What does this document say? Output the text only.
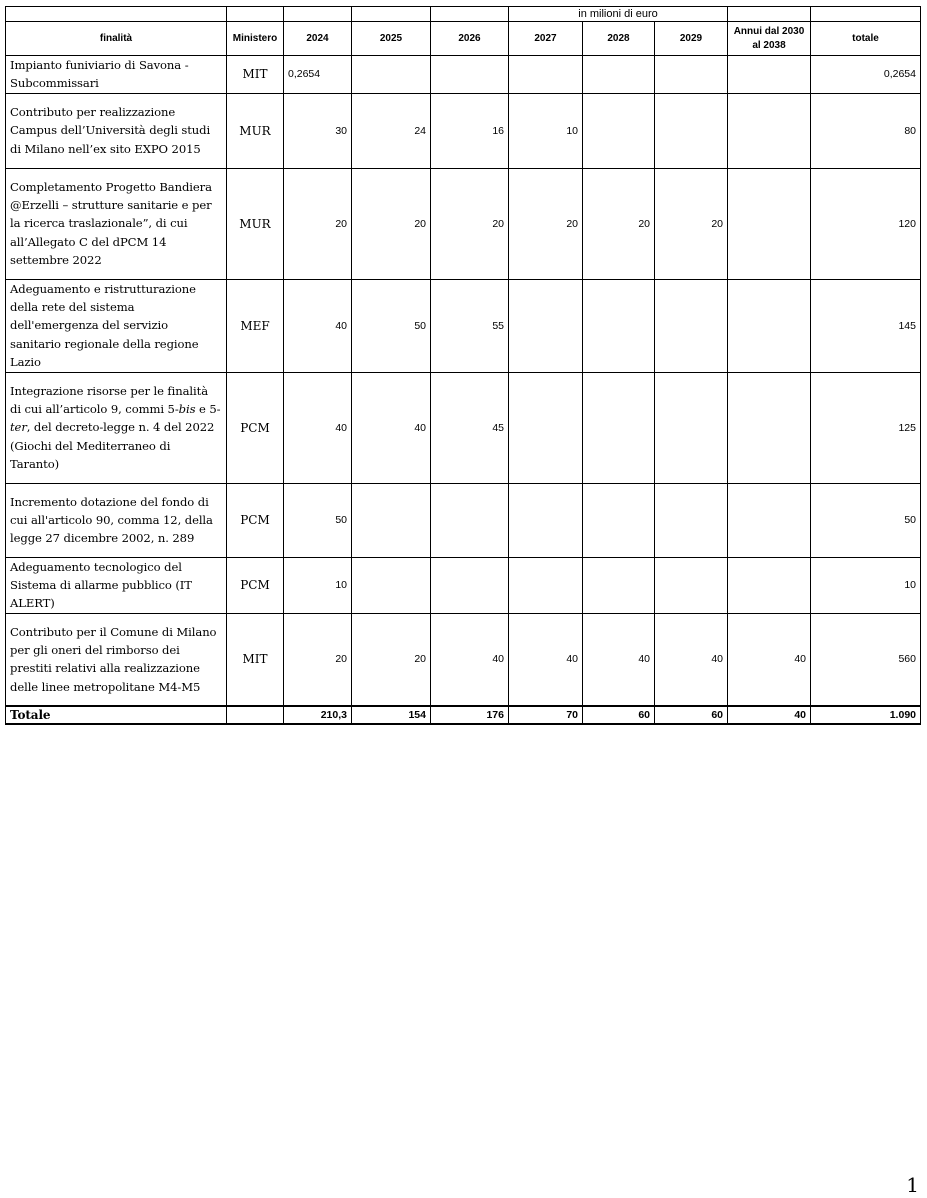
					in milioni di euro				
finalità	Ministero	2024	2025	2026	2027	2028	2029	Annui dal 2030 al 2038	totale
Impianto funiviario di Savona - Subcommissari	MIT	0,2654							0,2654
Contributo per realizzazione Campus dell’Università degli studi di Milano nell’ex sito EXPO 2015	MUR	30	24	16	10				80
Completamento Progetto Bandiera @Erzelli – strutture sanitarie e per la ricerca traslazionale”, di cui all’Allegato C del dPCM 14 settembre 2022	MUR	20	20	20	20	20	20		120
Adeguamento e ristrutturazione della rete del sistema dell'emergenza del servizio sanitario regionale della regione Lazio	MEF	40	50	55					145
Integrazione risorse per le finalità di cui all’articolo 9, commi 5-bis e 5-ter, del decreto-legge n. 4 del 2022 (Giochi del Mediterraneo di Taranto)	PCM	40	40	45					125
Incremento dotazione del fondo di cui all'articolo 90, comma 12, della legge 27 dicembre 2002, n. 289	PCM	50							50
Adeguamento tecnologico del Sistema di allarme pubblico (IT ALERT)	PCM	10							10
Contributo per il Comune di Milano per gli oneri del rimborso dei prestiti relativi alla realizzazione delle linee metropolitane M4-M5	MIT	20	20	40	40	40	40	40	560
Totale		210,3	154	176	70	60	60	40	1.090
1
